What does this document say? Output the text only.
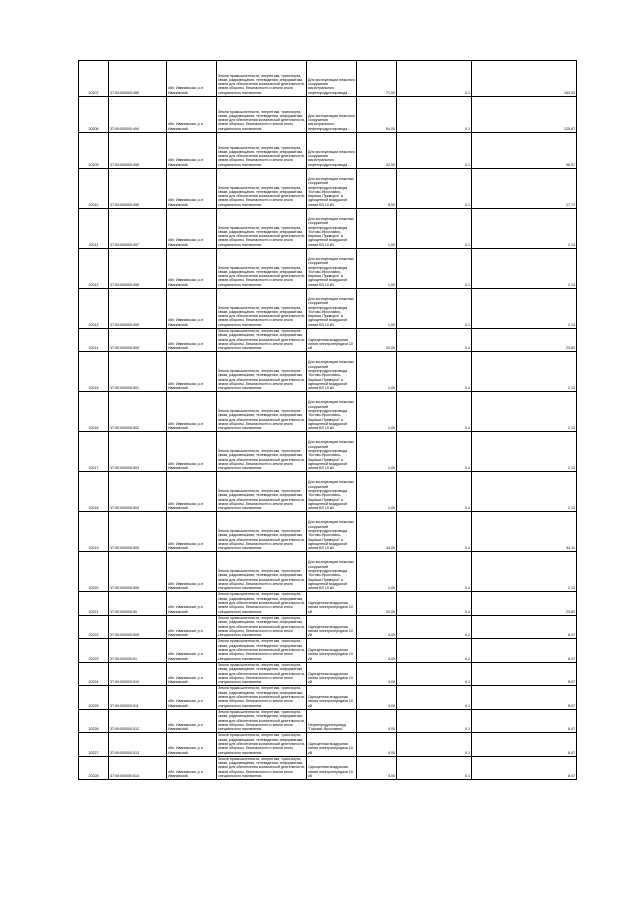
20207	37:05:000000:489	обл. Ивановская, р-н Ивановский	Земли промышленности, энергетики, транспорта, связи, радиовещания, телевидения, информатики, земли для обеспечения космической деятельности, земли обороны, безопасности и земли иного специального назначения	Для эксплуатации нежилого сооружения магистрального нефтепродуктопровода ...	71,00	0,1	163,93
20208	37:05:000000:494	обл. Ивановская, р-н Ивановский	Земли промышленности, энергетики, транспорта, связи, радиовещания, телевидения, информатики, земли для обеспечения космической деятельности, земли обороны, безопасности и земли иного специального назначения	Для эксплуатации нежилого сооружения магистрального нефтепродуктопровода ...	54,00	0,1	125,87
20209	37:05:000000:495	обл. Ивановская, р-н Ивановский	Земли промышленности, энергетики, транспорта, связи, радиовещания, телевидения, информатики, земли для обеспечения космической деятельности, земли обороны, безопасности и земли иного специального назначения	Для эксплуатации нежилого сооружения магистрального нефтепродуктопровода ...	42,00	0,1	96,97
20210	37:05:000000:496	обл. Ивановская, р-н Ивановский	Земли промышленности, энергетики, транспорта, связи, радиовещания, телевидения, информатики, земли для обеспечения космической деятельности, земли обороны, безопасности и земли иного специального назначения	Для эксплуатации нежилых сооружений нефтепродуктопровода "Кстово-Ярославль-Кириши-Приморск" и одноцепной воздушной линии ВЛ 10 кВ	8,00	0,1	17,71
20211	37:05:000000:497	обл. Ивановская, р-н Ивановский	Земли промышленности, энергетики, транспорта, связи, радиовещания, телевидения, информатики, земли для обеспечения космической деятельности, земли обороны, безопасности и земли иного специального назначения	Для эксплуатации нежилых сооружений нефтепродуктопровода "Кстово-Ярославль-Кириши-Приморск" и одноцепной воздушной линии ВЛ 10 кВ	1,00	0,1	2,13
20212	37:05:000000:498	обл. Ивановская, р-н Ивановский	Земли промышленности, энергетики, транспорта, связи, радиовещания, телевидения, информатики, земли для обеспечения космической деятельности, земли обороны, безопасности и земли иного специального назначения	Для эксплуатации нежилых сооружений нефтепродуктопровода "Кстово-Ярославль-Кириши-Приморск" и одноцепной воздушной линии ВЛ 10 кВ	1,00	0,1	2,13
20213	37:05:000000:499	обл. Ивановская, р-н Ивановский	Земли промышленности, энергетики, транспорта, связи, радиовещания, телевидения, информатики, земли для обеспечения космической деятельности, земли обороны, безопасности и земли иного специального назначения	Для эксплуатации нежилых сооружений нефтепродуктопровода "Кстово-Ярославль-Кириши-Приморск" и одноцепной воздушной линии ВЛ 10 кВ	1,00	0,1	2,13
20214	37:05:000000:500	обл. Ивановская, р-н Ивановский	Земли промышленности, энергетики, транспорта, связи, радиовещания, телевидения, информатики, земли для обеспечения космической деятельности, земли обороны, безопасности и земли иного специального назначения	Одноцепная воздушная линия электропередачи 10 кВ	10,00	0,1	20,82
20215	37:05:000000:501	обл. Ивановская, р-н Ивановский	Земли промышленности, энергетики, транспорта, связи, радиовещания, телевидения, информатики, земли для обеспечения космической деятельности, земли обороны, безопасности и земли иного специального назначения	Для эксплуатации нежилых сооружений нефтепродуктопровода "Кстово-Ярославль-Кириши-Приморск" и одноцепной воздушной линии ВЛ 10 кВ	1,00	0,1	2,13
20216	37:05:000000:502	обл. Ивановская, р-н Ивановский	Земли промышленности, энергетики, транспорта, связи, радиовещания, телевидения, информатики, земли для обеспечения космической деятельности, земли обороны, безопасности и земли иного специального назначения	Для эксплуатации нежилых сооружений нефтепродуктопровода "Кстово-Ярославль-Кириши-Приморск" и одноцепной воздушной линии ВЛ 10 кВ	1,00	0,1	2,13
20217	37:05:000000:503	обл. Ивановская, р-н Ивановский	Земли промышленности, энергетики, транспорта, связи, радиовещания, телевидения, информатики, земли для обеспечения космической деятельности, земли обороны, безопасности и земли иного специального назначения	Для эксплуатации нежилых сооружений нефтепродуктопровода "Кстово-Ярославль-Кириши-Приморск" и одноцепной воздушной линии ВЛ 10 кВ	1,00	0,1	2,13
20218	37:05:000000:504	обл. Ивановская, р-н Ивановский	Земли промышленности, энергетики, транспорта, связи, радиовещания, телевидения, информатики, земли для обеспечения космической деятельности, земли обороны, безопасности и земли иного специального назначения	Для эксплуатации нежилых сооружений нефтепродуктопровода "Кстово-Ярославль-Кириши-Приморск" и одноцепной воздушной линии ВЛ 10 кВ	1,00	0,1	2,13
20219	37:05:000000:505	обл. Ивановская, р-н Ивановский	Земли промышленности, энергетики, транспорта, связи, радиовещания, телевидения, информатики, земли для обеспечения космической деятельности, земли обороны, безопасности и земли иного специального назначения	Для эксплуатации нежилых сооружений нефтепродуктопровода "Кстово-Ярославль-Кириши-Приморск" и одноцепной воздушной линии ВЛ 10 кВ	44,00	0,1	94,11
20220	37:05:000000:506	обл. Ивановская, р-н Ивановский	Земли промышленности, энергетики, транспорта, связи, радиовещания, телевидения, информатики, земли для обеспечения космической деятельности, земли обороны, безопасности и земли иного специального назначения	Для эксплуатации нежилых сооружений нефтепродуктопровода "Кстово-Ярославль-Кириши-Приморск" и одноцепной воздушной линии ВЛ 10 кВ	1,00	0,1	2,13
20221	37:05:000000:50	обл. Ивановская, р-н Ивановский	Земли промышленности, энергетики, транспорта, связи, радиовещания, телевидения, информатики, земли для обеспечения космической деятельности, земли обороны, безопасности и земли иного специального назначения	Одноцепная воздушная линия электропередачи 10 кВ	10,00	0,1	20,82
20222	37:05:000000:509	обл. Ивановская, р-н Ивановский	Земли промышленности, энергетики, транспорта, связи, радиовещания, телевидения, информатики, земли для обеспечения космической деятельности, земли обороны, безопасности и земли иного специального назначения	Одноцепная воздушная линия электропередачи 10 кВ	4,00	0,1	8,47
20223	37:05:000000:51	обл. Ивановская, р-н Ивановский	Земли промышленности, энергетики, транспорта, связи, радиовещания, телевидения, информатики, земли для обеспечения космической деятельности, земли обороны, безопасности и земли иного специального назначения	Одноцепная воздушная линия электропередачи 10 кВ	4,00	0,1	8,47
20224	37:05:000000:510	обл. Ивановская, р-н Ивановский	Земли промышленности, энергетики, транспорта, связи, радиовещания, телевидения, информатики, земли для обеспечения космической деятельности, земли обороны, безопасности и земли иного специального назначения	Одноцепная воздушная линия электропередачи 10 кВ	4,00	0,1	8,47
20225	37:05:000000:511	обл. Ивановская, р-н Ивановский	Земли промышленности, энергетики, транспорта, связи, радиовещания, телевидения, информатики, земли для обеспечения космической деятельности, земли обороны, безопасности и земли иного специального назначения	Одноцепная воздушная линия электропередачи 10 кВ	4,00	0,1	8,47
20226	37:05:000000:512	обл. Ивановская, р-н Ивановский	Земли промышленности, энергетики, транспорта, связи, радиовещания, телевидения, информатики, земли для обеспечения космической деятельности, земли обороны, безопасности и земли иного специального назначения	Нефтепродуктопровод "Горький-Ярославль"	4,00	0,1	8,47
20227	37:05:000000:513	обл. Ивановская, р-н Ивановский	Земли промышленности, энергетики, транспорта, связи, радиовещания, телевидения, информатики, земли для обеспечения космической деятельности, земли обороны, безопасности и земли иного специального назначения	Одноцепная воздушная линия электропередачи 10 кВ	4,00	0,1	8,47
20228	37:05:000000:514	обл. Ивановская, р-н Ивановский	Земли промышленности, энергетики, транспорта, связи, радиовещания, телевидения, информатики, земли для обеспечения космической деятельности, земли обороны, безопасности и земли иного специального назначения	Одноцепная воздушная линия электропередачи 10 кВ	4,00	0,1	8,47
